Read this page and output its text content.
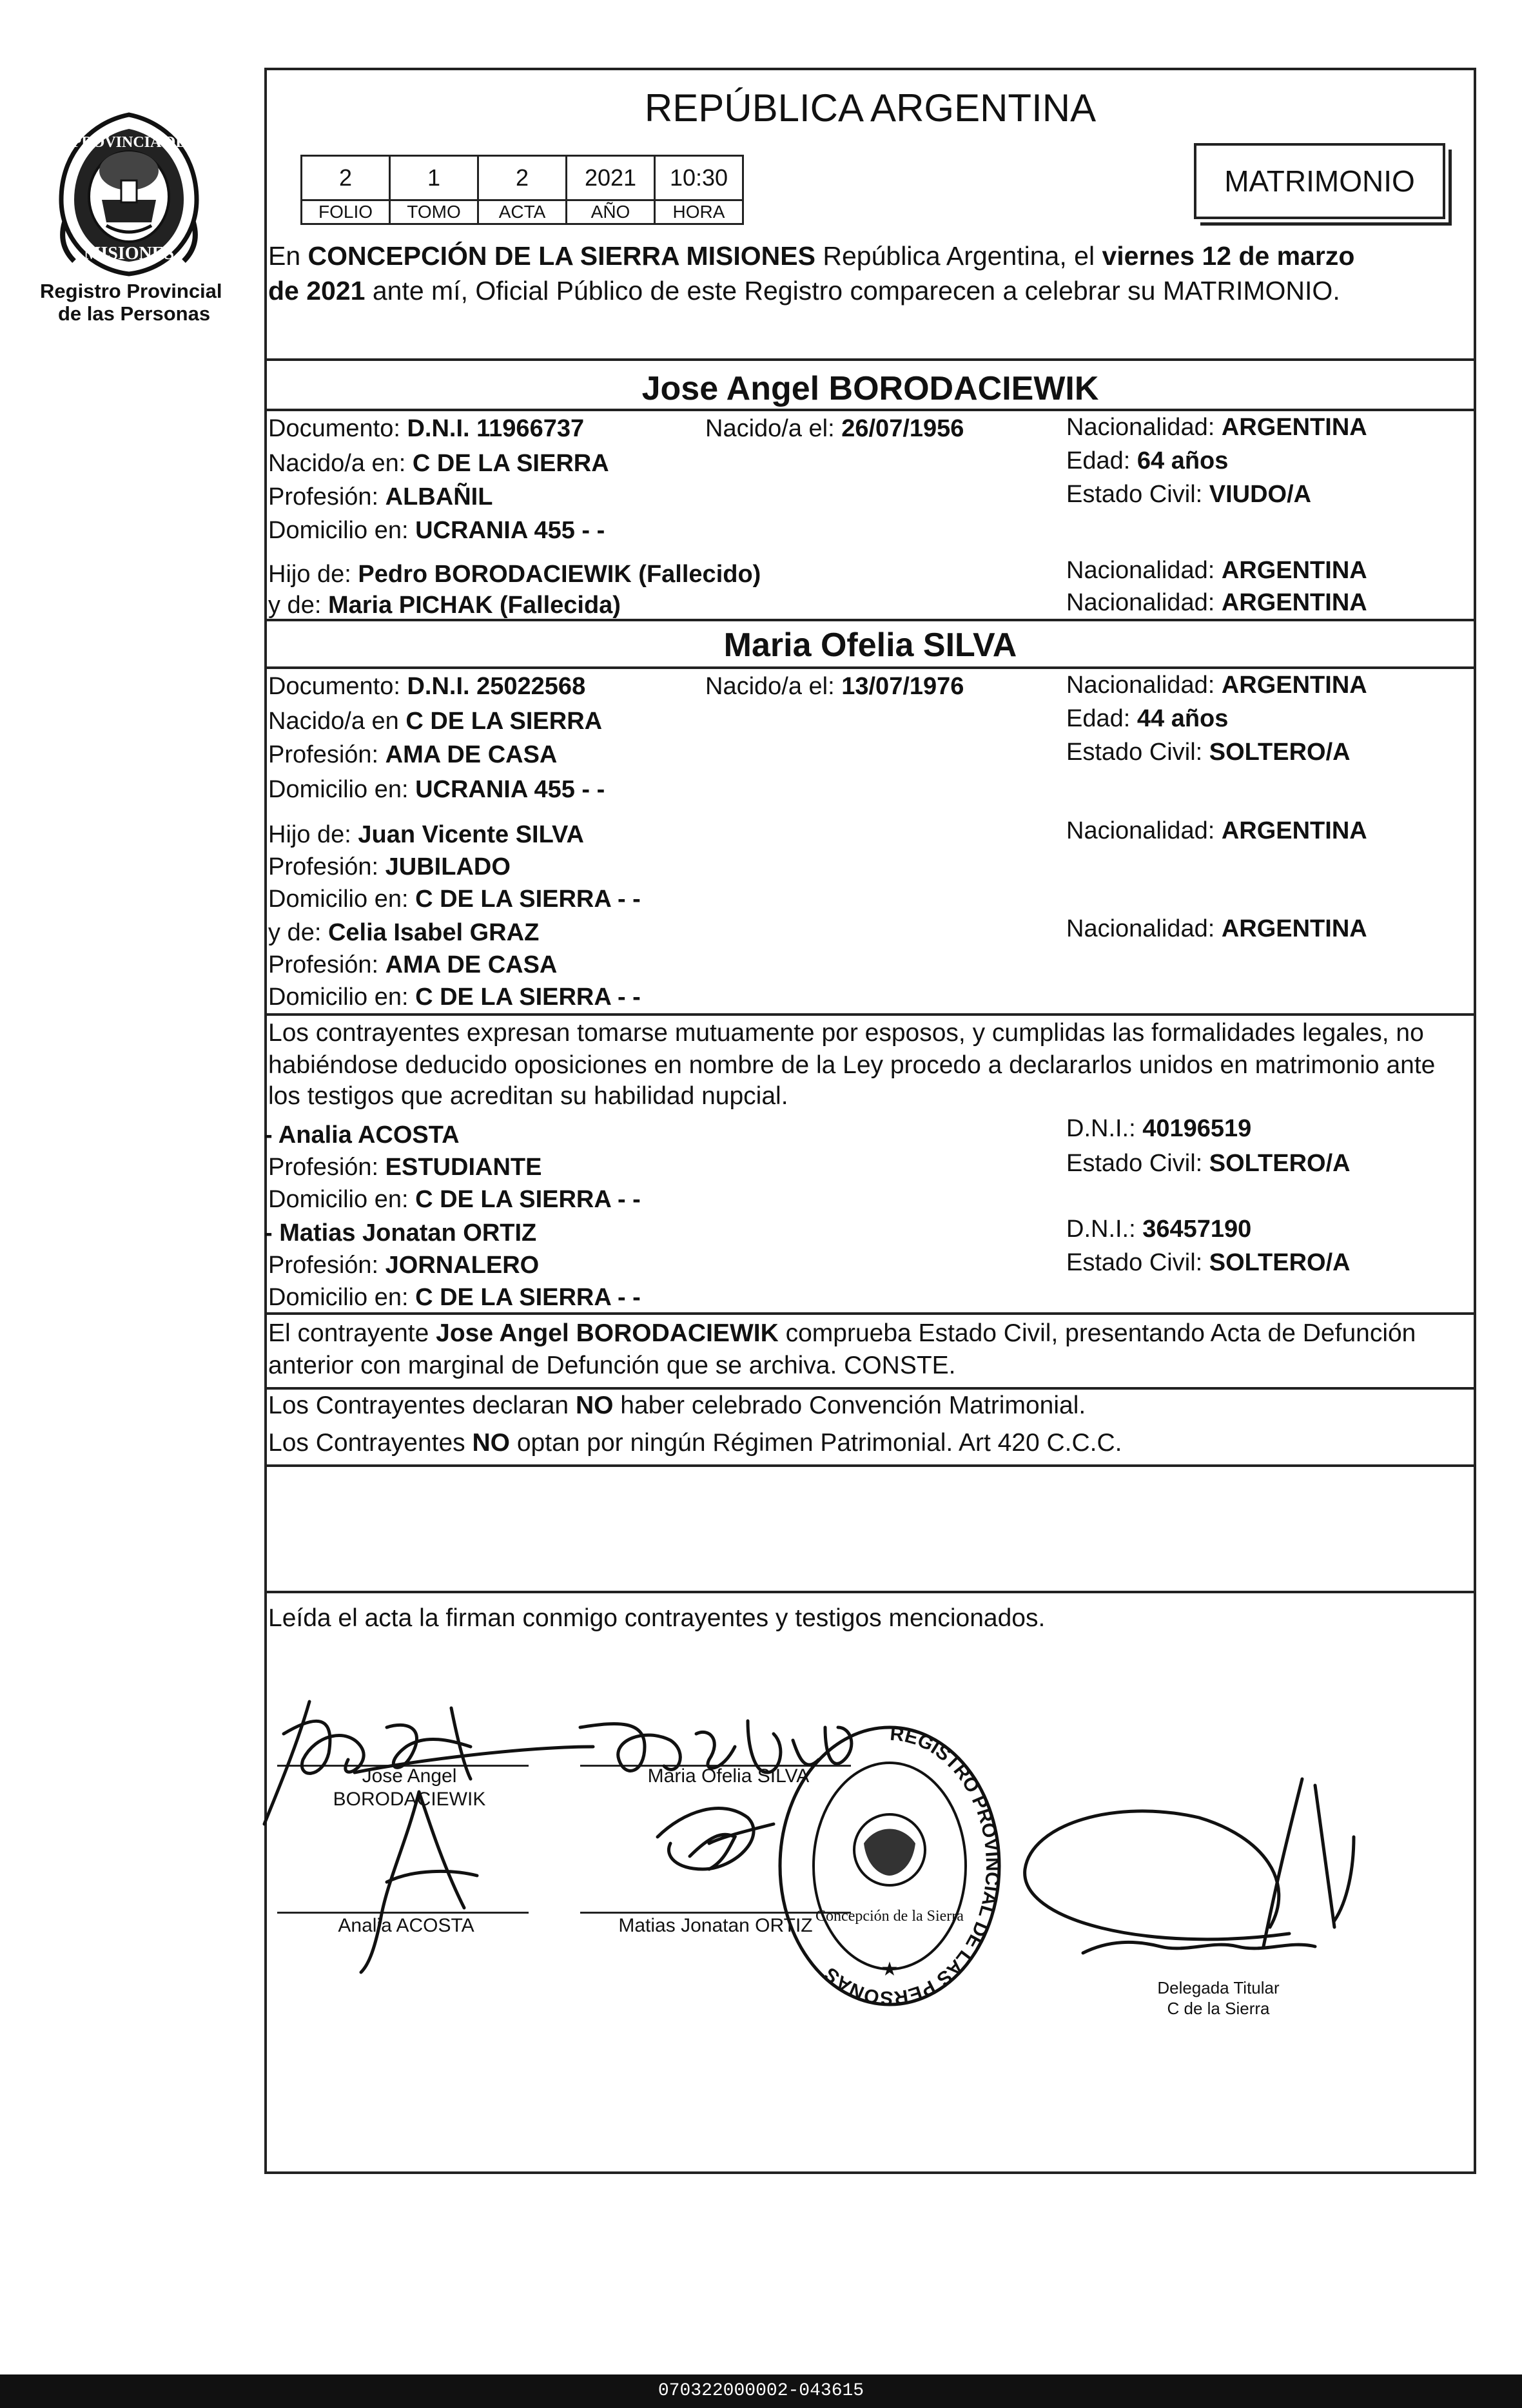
PROVINCIA DE
MISIONES
Registro Provincial
de las Personas
REPÚBLICA ARGENTINA
2	1	2	2021	10:30
FOLIO	TOMO	ACTA	AÑO	HORA
MATRIMONIO
En CONCEPCIÓN DE LA SIERRA MISIONES República Argentina, el viernes 12 de marzo
de 2021 ante mí, Oficial Público de este Registro comparecen a celebrar su MATRIMONIO.
Jose Angel BORODACIEWIK
Documento: D.N.I. 11966737	Nacido/a el: 26/07/1956	Nacionalidad: ARGENTINA
Nacido/a en: C DE LA SIERRA	Edad: 64 años
Profesión: ALBAÑIL	Estado Civil: VIUDO/A
Domicilio en: UCRANIA 455 - -
Hijo de: Pedro BORODACIEWIK (Fallecido)	Nacionalidad: ARGENTINA
y de: Maria PICHAK (Fallecida)	Nacionalidad: ARGENTINA
Maria Ofelia SILVA
Documento: D.N.I. 25022568	Nacido/a el: 13/07/1976	Nacionalidad: ARGENTINA
Nacido/a en C DE LA SIERRA	Edad: 44 años
Profesión: AMA DE CASA	Estado Civil: SOLTERO/A
Domicilio en: UCRANIA 455 - -
Hijo de: Juan Vicente SILVA	Nacionalidad: ARGENTINA
Profesión: JUBILADO
Domicilio en: C DE LA SIERRA - -
y de: Celia Isabel GRAZ	Nacionalidad: ARGENTINA
Profesión: AMA DE CASA
Domicilio en: C DE LA SIERRA - -
Los contrayentes expresan tomarse mutuamente por esposos, y cumplidas las formalidades legales, no
habiéndose deducido oposiciones en nombre de la Ley procedo a declararlos unidos en matrimonio ante
los testigos que acreditan su habilidad nupcial.
- Analia ACOSTA	D.N.I.: 40196519
Profesión: ESTUDIANTE	Estado Civil: SOLTERO/A
Domicilio en: C DE LA SIERRA - -
- Matias Jonatan ORTIZ	D.N.I.: 36457190
Profesión: JORNALERO	Estado Civil: SOLTERO/A
Domicilio en: C DE LA SIERRA - -
El contrayente Jose Angel BORODACIEWIK comprueba Estado Civil, presentando Acta de Defunción
anterior con marginal de Defunción que se archiva. CONSTE.
Los Contrayentes declaran NO haber celebrado Convención Matrimonial.
Los Contrayentes NO optan por ningún Régimen Patrimonial. Art 420 C.C.C.
Leída el acta la firman conmigo contrayentes y testigos mencionados.
Jose Angel
BORODACIEWIK
Maria Ofelia SILVA
Analia ACOSTA	Matias Jonatan ORTIZ
REGISTRO PROVINCIAL DE LAS PERSONAS
Concepción de la Sierra
★
Delegada Titular
C de la Sierra
070322000002-043615
